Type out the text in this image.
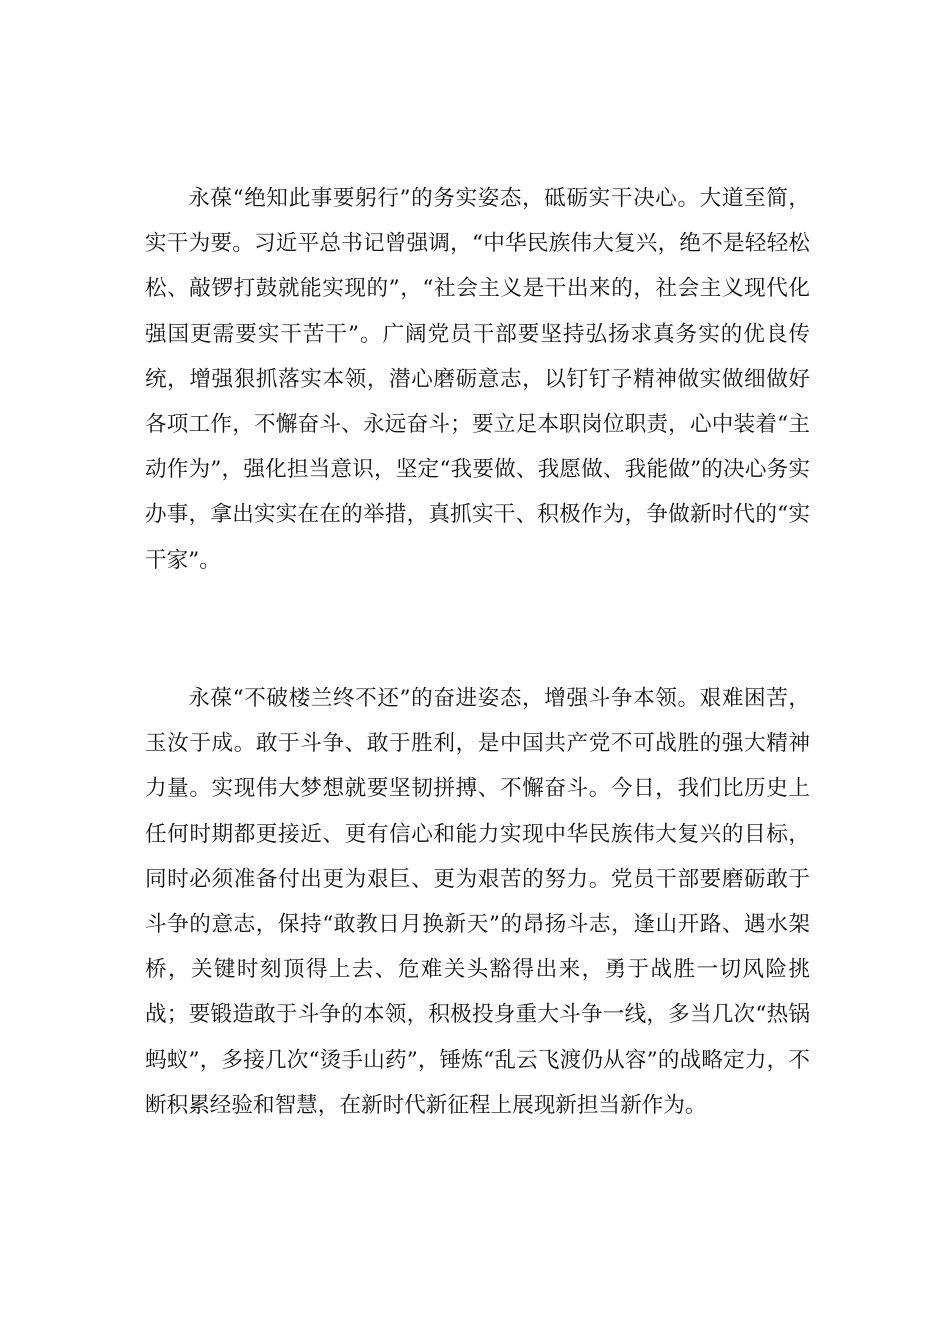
永葆“绝知此事要躬行”的务实姿态，砥砺实干决心。大道至简，实干为要。习近平总书记曾强调，“中华民族伟大复兴，绝不是轻轻松松、敲锣打鼓就能实现的”，“社会主义是干出来的，社会主义现代化强国更需要实干苦干”。广阔党员干部要坚持弘扬求真务实的优良传统，增强狠抓落实本领，潜心磨砺意志，以钉钉子精神做实做细做好各项工作，不懈奋斗、永远奋斗；要立足本职岗位职责，心中装着“主动作为”，强化担当意识，坚定“我要做、我愿做、我能做”的决心务实办事，拿出实实在在的举措，真抓实干、积极作为，争做新时代的“实干家”。

永葆“不破楼兰终不还”的奋进姿态，增强斗争本领。艰难困苦，玉汝于成。敢于斗争、敢于胜利，是中国共产党不可战胜的强大精神力量。实现伟大梦想就要坚韧拼搏、不懈奋斗。今日，我们比历史上任何时期都更接近、更有信心和能力实现中华民族伟大复兴的目标，同时必须准备付出更为艰巨、更为艰苦的努力。党员干部要磨砺敢于斗争的意志，保持“敢教日月换新天”的昂扬斗志，逢山开路、遇水架桥，关键时刻顶得上去、危难关头豁得出来，勇于战胜一切风险挑战；要锻造敢于斗争的本领，积极投身重大斗争一线，多当几次“热锅蚂蚁”，多接几次“烫手山药”，锤炼“乱云飞渡仍从容”的战略定力，不断积累经验和智慧，在新时代新征程上展现新担当新作为。
